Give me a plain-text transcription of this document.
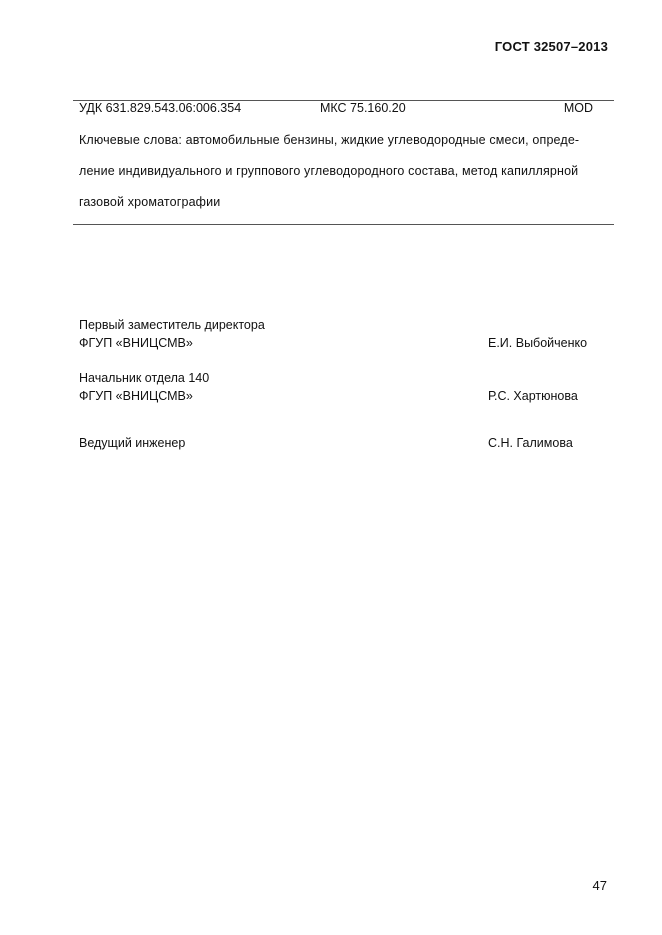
ГОСТ 32507–2013
УДК 631.829.543.06:006.354	МКС 75.160.20	MOD
Ключевые слова: автомобильные бензины, жидкие углеводородные смеси, опреде-
ление индивидуального и группового углеводородного состава, метод капиллярной
газовой хроматографии
Первый заместитель директора
ФГУП «ВНИЦСМВ»	Е.И. Выбойченко
Начальник отдела 140
ФГУП «ВНИЦСМВ»	Р.С. Хартюнова
Ведущий инженер	С.Н. Галимова
47
